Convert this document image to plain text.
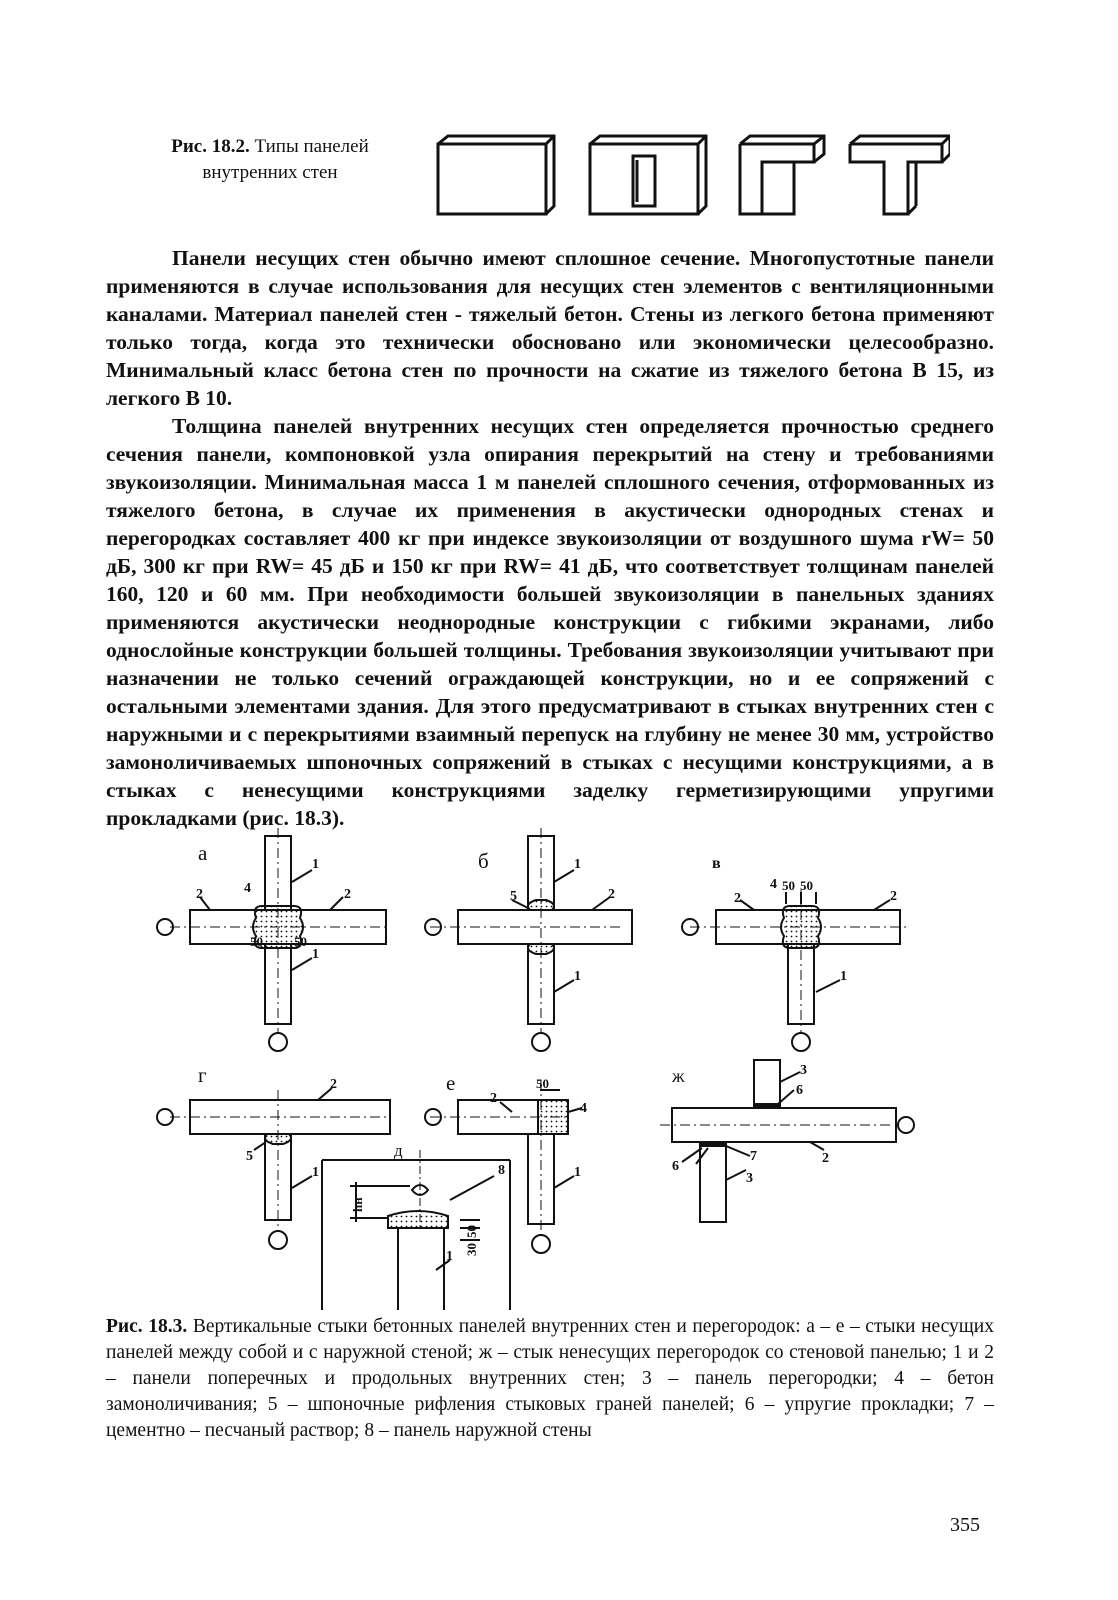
Рис. 18.2. Типы панелей
внутренних стен

Панели несущих стен обычно имеют сплошное сечение. Многопустотные панели применяются в случае использования для несущих стен элементов с вентиляционными каналами. Материал панелей стен - тяжелый бетон. Стены из легкого бетона применяют только тогда, когда это технически обосновано или экономически целесообразно. Минимальный класс бетона стен по прочности на сжатие из тяжелого бетона В 15, из легкого В 10.

Толщина панелей внутренних несущих стен определяется прочностью среднего сечения панели, компоновкой узла опирания перекрытий на стену и требованиями звукоизоляции. Минимальная масса 1 м панелей сплошного сечения, отформованных из тяжелого бетона, в случае их применения в акустически однородных стенах и перегородках составляет 400 кг при индексе звукоизоляции от воздушного шума rW= 50 дБ, 300 кг при RW= 45 дБ и 150 кг при RW= 41 дБ, что соответствует толщинам панелей 160, 120 и 60 мм. При необходимости большей звукоизоляции в панельных зданиях применяются акустически неоднородные конструкции с гибкими экранами, либо однослойные конструкции большей толщины. Требования звукоизоляции учитывают при назначении не только сечений ограждающей конструкции, но и ее сопряжений с остальными элементами здания. Для этого предусматривают в стыках внутренних стен с наружными и с перекрытиями взаимный перепуск на глубину не менее 30 мм, устройство замоноличиваемых шпоночных сопряжений в стыках с несущими конструкциями, а в стыках с ненесущими конструкциями заделку герметизирующими упругими прокладками (рис. 18.3).

а	б	в
г	е	ж
д
1
1
2	2
4
1
1
2
5
1
2	2
4
2
5
1
2
4
1
8
1
3
6
6
7	2
3
50 50
50 50
50
hн
50
30
Рис. 18.3. Вертикальные стыки бетонных панелей внутренних стен и перегородок: а – е – стыки несущих панелей между собой и с наружной стеной; ж – стык ненесущих перегородок со стеновой панелью; 1 и 2 – панели поперечных и продольных внутренних стен; 3 – панель перегородки; 4 – бетон замоноличивания; 5 – шпоночные рифления стыковых граней панелей; 6 – упругие прокладки; 7 – цементно – песчаный раствор; 8 – панель наружной стены
355
